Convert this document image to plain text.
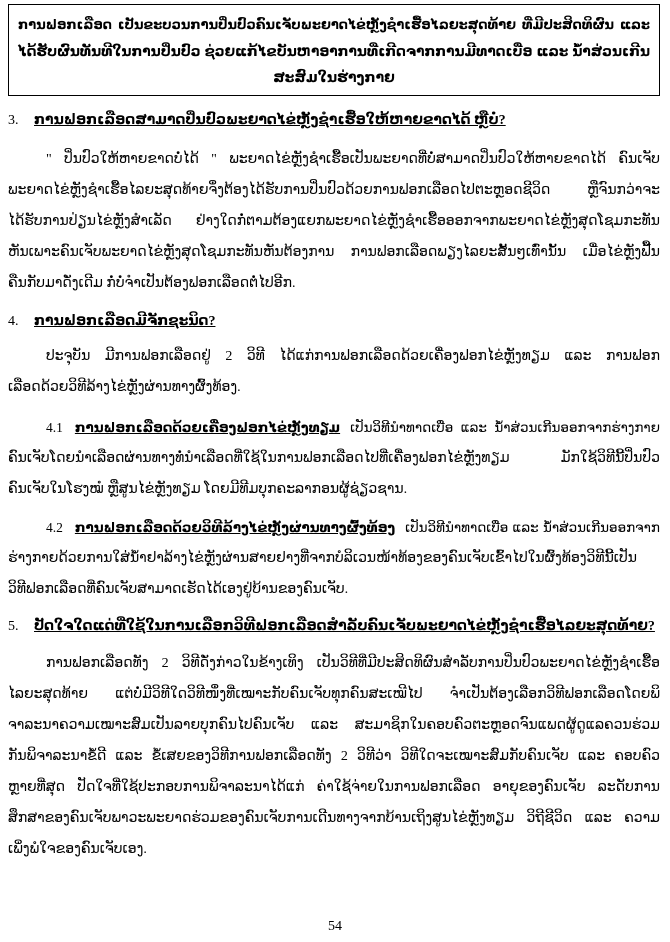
ການຟອກເລືອດ ເປັນຂະບວນການປິ່ນປົວຄົນເຈັບພະຍາດໄຂ່ຫຼັງຊຳເຮື້ອໄລຍະສຸດທ້າຍ ທີ່ມີປະສິດທິຜົນ ແລະ
ໄດ້ຮັບຜົນທັນທີໃນການປິ່ນປົວ ຊ່ວຍແກ້ໄຂບັນຫາອາການທີ່ເກີດຈາກການມີທາດເບື່ອ ແລະ ນ້ຳສ່ວນເກີນ
ສະສົມໃນຮ່າງກາຍ
3. ການຟອກເລືອດສາມາດປິ່ນປົວພະຍາດໄຂ່ຫຼັງຊຳເຮື້ອໃຫ້ຫາຍຂາດໄດ້ ຫຼືບໍ່?
" ປິ່ນປົວໃຫ້ຫາຍຂາດບໍ່ໄດ້ " ພະຍາດໄຂ່ຫຼັງຊຳເຮື້ອເປັນພະຍາດທີ່ບໍ່ສາມາດປິ່ນປົວໃຫ້ຫາຍຂາດໄດ້ ຄົນເຈັບ
ພະຍາດໄຂ່ຫຼັງຊຳເຮື້ອໄລຍະສຸດທ້າຍຈຶ່ງຕ້ອງໄດ້ຮັບການປິ່ນປົວດ້ວຍການຟອກເລືອດໄປຕະຫຼອດຊີວິດ ຫຼືຈົນກວ່າຈະ
ໄດ້ຮັບການປ່ຽນໄຂ່ຫຼັງສຳເລັດ ຢ່າງໃດກໍ່ຕາມຕ້ອງແຍກພະຍາດໄຂ່ຫຼັງຊຳເຮື້ອອອກຈາກພະຍາດໄຂ່ຫຼັງສຸດໂຊມກະທັນ
ຫັນເພາະຄົນເຈັບພະຍາດໄຂ່ຫຼັງສຸດໂຊມກະທັນຫັນຕ້ອງການ ການຟອກເລືອດພຽງໄລຍະສັ້ນໆເທົ່ານັ້ນ ເມື່ອໄຂ່ຫຼັງຟື້ນ
ຄືນກັບມາດັ່ງເດີມ ກໍ່ບໍ່ຈຳເປັນຕ້ອງຟອກເລືອດຕໍ່ໄປອີກ.
4. ການຟອກເລືອດມີຈັກຊະນິດ?
ປະຈຸບັນ ມີການຟອກເລືອດຢູ່ 2 ວິທີ ໄດ້ແກ່ການຟອກເລືອດດ້ວຍເຄື່ອງຟອກໄຂ່ຫຼັງທຽມ ແລະ ການຟອກ
ເລືອດດ້ວຍວິທີລ້າງໄຂ່ຫຼັງຜ່ານທາງຜົ້ງທ້ອງ.
4.1 ການຟອກເລືອດດ້ວຍເຄື່ອງຟອກໄຂ່ຫຼັງທຽມ ເປັນວິທີນຳທາດເບື່ອ ແລະ ນ້ຳສ່ວນເກີນອອກຈາກຮ່າງກາຍ
ຄົນເຈັບໂດຍນຳເລືອດຜ່ານທາງທໍ່ນຳເລືອດທີ່ໃຊ້ໃນການຟອກເລືອດໄປທີ່ເຄື່ອງຟອກໄຂ່ຫຼັງທຽມ ມັກໃຊ້ວິທີນີ້ປິ່ນປົວ
ຄົນເຈັບໃນໂຮງໝໍ ຫຼືສູນໄຂ່ຫຼັງທຽມ ໂດຍມີທີມບຸກຄະລາກອນຜູ້ຊ່ຽວຊານ.
4.2 ການຟອກເລືອດດ້ວຍວິທີລ້າງໄຂ່ຫຼັງຜ່ານທາງຜົ້ງທ້ອງ ເປັນວິທີນຳທາດເບື່ອ ແລະ ນ້ຳສ່ວນເກີນອອກຈາກ
ຮ່າງກາຍດ້ວຍການໃສ່ນ້ຳຢາລ້າງໄຂ່ຫຼັງຜ່ານສາຍຢາງທີ່ຈາກບໍລິເວນໜ້າທ້ອງຂອງຄົນເຈັບເຂົ້າໄປໃນຜົ້ງທ້ອງວິທີນີ້ເປັນ
ວິທີຟອກເລືອດທີ່ຄົນເຈັບສາມາດເຮັດໄດ້ເອງຢູ່ບ້ານຂອງຄົນເຈັບ.
5. ປັດໃຈໃດແດ່ທີ່ໃຊ້ໃນການເລືອກວິທີຟອກເລືອດສຳລັບຄົນເຈັບພະຍາດໄຂ່ຫຼັງຊຳເຮື້ອໄລຍະສຸດທ້າຍ?
ການຟອກເລືອດທັງ 2 ວິທີດັ່ງກ່າວໃນຂ້າງເທິງ ເປັນວິທີທີ່ມີປະສິດທິຜົນສຳລັບການປິ່ນປົວພະຍາດໄຂ່ຫຼັງຊຳເຮື້ອ
ໄລຍະສຸດທ້າຍ ແຕ່ບໍ່ມີວິທີໃດວິທີໜຶ່ງທີ່ເໝາະກັບຄົນເຈັບທຸກຄົນສະເໝີໄປ ຈຳເປັນຕ້ອງເລືອກວິທີຟອກເລືອດໂດຍພິ
ຈາລະນາຄວາມເໝາະສົມເປັນລາຍບຸກຄົນໄປຄົນເຈັບ ແລະ ສະມາຊິກໃນຄອບຄົວຕະຫຼອດຈົນແພດຜູ້ດູແລຄວນຮ່ວມ
ກັນພິຈາລະນາຂໍ້ດີ ແລະ ຂໍ້ເສຍຂອງວິທີການຟອກເລືອດທັງ 2 ວິທີວ່າ ວິທີໃດຈະເໝາະສົມກັບຄົນເຈັບ ແລະ ຄອບຄົວ
ຫຼາຍທີ່ສຸດ ປັດໃຈທີ່ໃຊ້ປະກອບການພິຈາລະນາໄດ້ແກ່ ຄ່າໃຊ້ຈ່າຍໃນການຟອກເລືອດ ອາຍຸຂອງຄົນເຈັບ ລະດັບການ
ສຶກສາຂອງຄົນເຈັບພາວະພະຍາດຮ່ວມຂອງຄົນເຈັບການເດີນທາງຈາກບ້ານເຖິງສູນໄຂ່ຫຼັງທຽມ ວິຖີຊີວິດ ແລະ ຄວາມ
ເພິ່ງພໍໃຈຂອງຄົນເຈັບເອງ.
54
